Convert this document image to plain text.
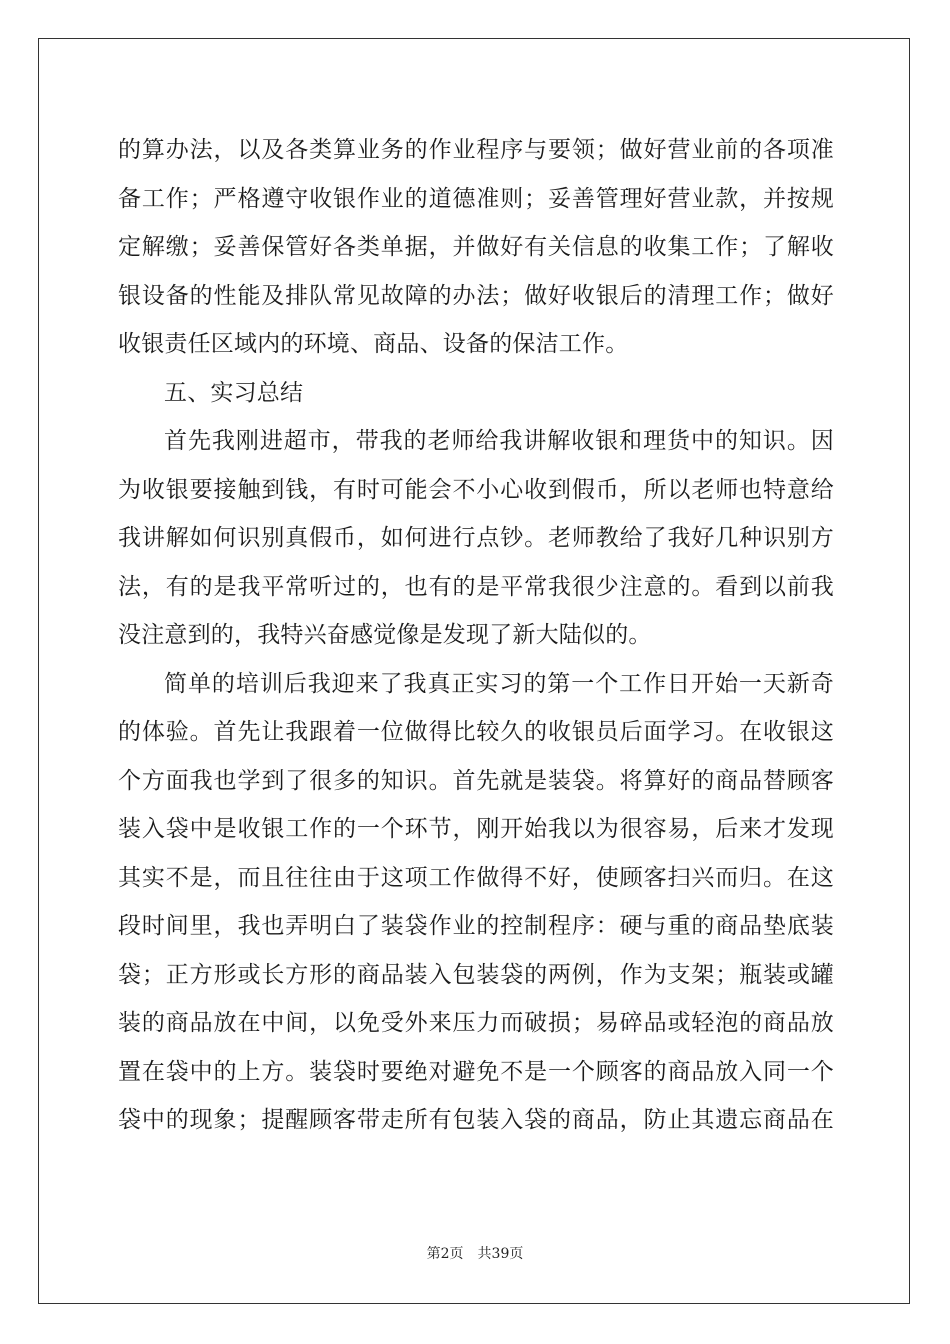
的算办法，以及各类算业务的作业程序与要领；做好营业前的各项准
备工作；严格遵守收银作业的道德准则；妥善管理好营业款，并按规
定解缴；妥善保管好各类单据，并做好有关信息的收集工作；了解收
银设备的性能及排队常见故障的办法；做好收银后的清理工作；做好
收银责任区域内的环境、商品、设备的保洁工作。
五、实习总结
首先我刚进超市，带我的老师给我讲解收银和理货中的知识。因
为收银要接触到钱，有时可能会不小心收到假币，所以老师也特意给
我讲解如何识别真假币，如何进行点钞。老师教给了我好几种识别方
法，有的是我平常听过的，也有的是平常我很少注意的。看到以前我
没注意到的，我特兴奋感觉像是发现了新大陆似的。
简单的培训后我迎来了我真正实习的第一个工作日开始一天新奇
的体验。首先让我跟着一位做得比较久的收银员后面学习。在收银这
个方面我也学到了很多的知识。首先就是装袋。将算好的商品替顾客
装入袋中是收银工作的一个环节，刚开始我以为很容易，后来才发现
其实不是，而且往往由于这项工作做得不好，使顾客扫兴而归。在这
段时间里，我也弄明白了装袋作业的控制程序：硬与重的商品垫底装
袋；正方形或长方形的商品装入包装袋的两例，作为支架；瓶装或罐
装的商品放在中间，以免受外来压力而破损；易碎品或轻泡的商品放
置在袋中的上方。装袋时要绝对避免不是一个顾客的商品放入同一个
袋中的现象；提醒顾客带走所有包装入袋的商品，防止其遗忘商品在
第2页 共39页
